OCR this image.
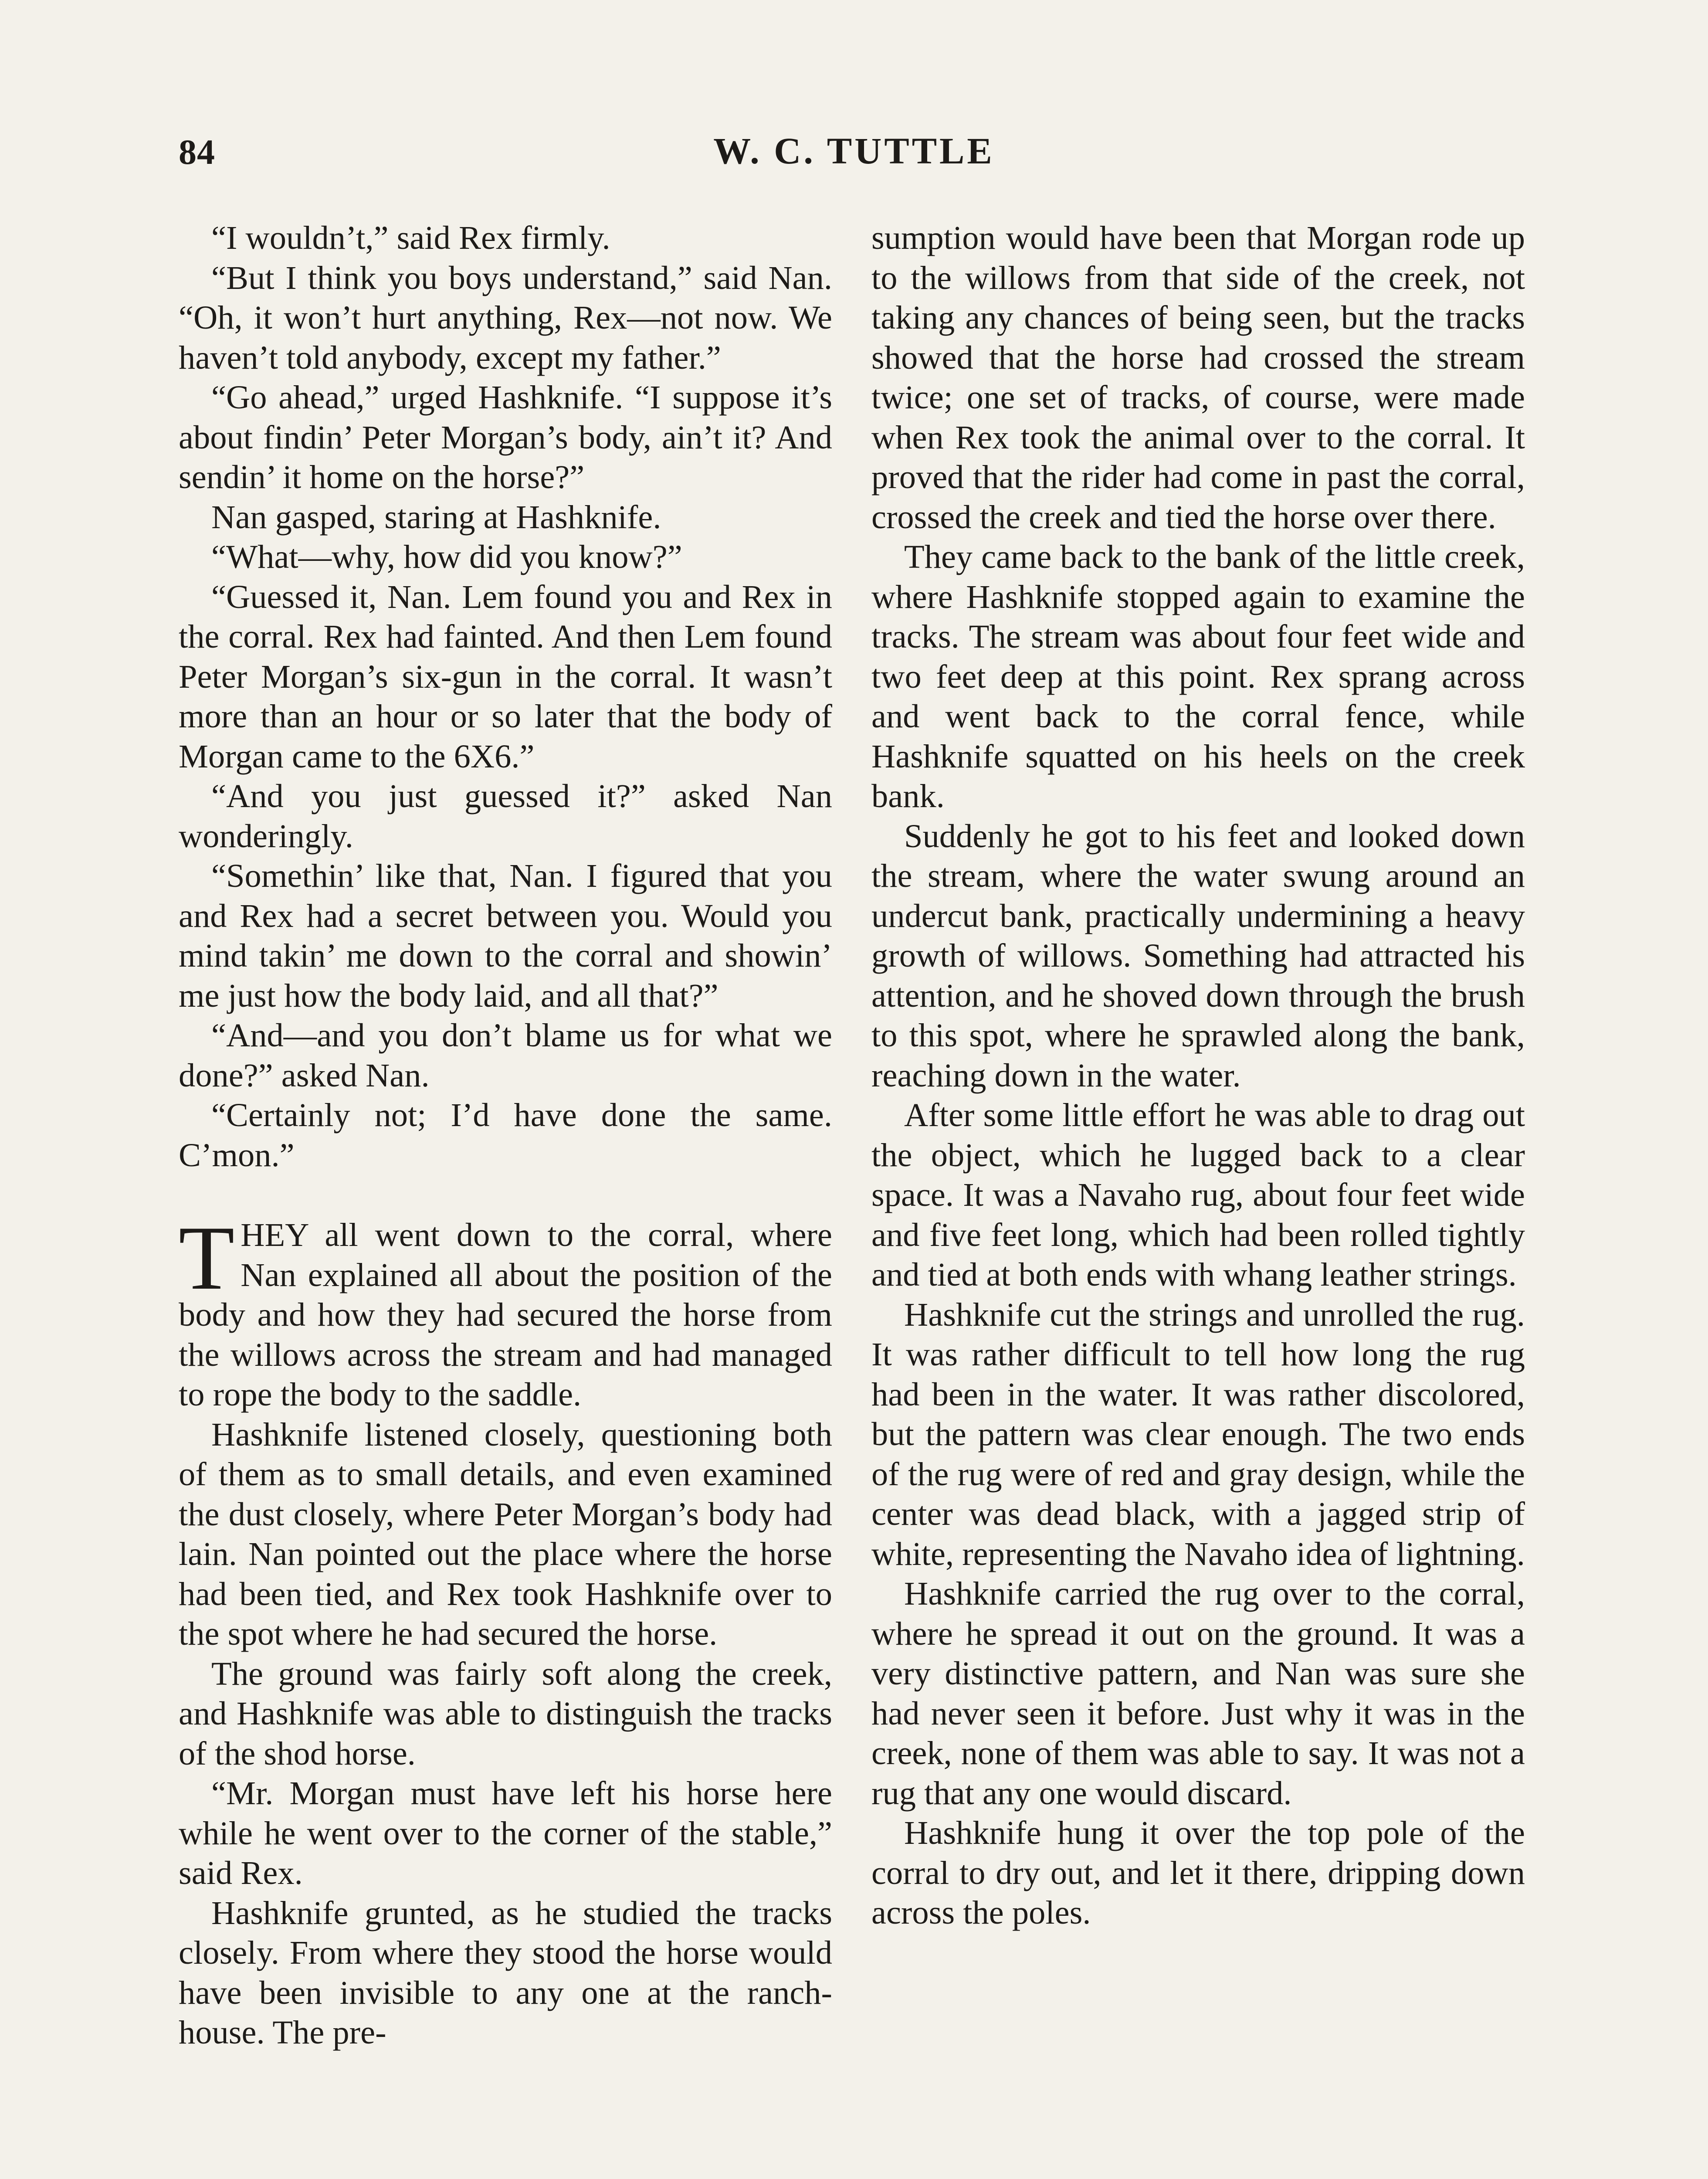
84	W. C. TUTTLE

“I wouldn’t,” said Rex firmly.

“But I think you boys understand,” said Nan. “Oh, it won’t hurt anything, Rex—not now. We haven’t told anybody, except my father.”

“Go ahead,” urged Hashknife. “I suppose it’s about findin’ Peter Morgan’s body, ain’t it? And sendin’ it home on the horse?”

Nan gasped, staring at Hashknife.

“What—why, how did you know?”

“Guessed it, Nan. Lem found you and Rex in the corral. Rex had fainted. And then Lem found Peter Morgan’s six-gun in the corral. It wasn’t more than an hour or so later that the body of Morgan came to the 6X6.”

“And you just guessed it?” asked Nan wonderingly.

“Somethin’ like that, Nan. I figured that you and Rex had a secret between you. Would you mind takin’ me down to the corral and showin’ me just how the body laid, and all that?”

“And—and you don’t blame us for what we done?” asked Nan.

“Certainly not; I’d have done the same. C’mon.”

THEY all went down to the corral, where Nan explained all about the position of the body and how they had secured the horse from the willows across the stream and had managed to rope the body to the saddle.

Hashknife listened closely, questioning both of them as to small details, and even examined the dust closely, where Peter Morgan’s body had lain. Nan pointed out the place where the horse had been tied, and Rex took Hashknife over to the spot where he had secured the horse.

The ground was fairly soft along the creek, and Hashknife was able to distinguish the tracks of the shod horse.

“Mr. Morgan must have left his horse here while he went over to the corner of the stable,” said Rex.

Hashknife grunted, as he studied the tracks closely. From where they stood the horse would have been invisible to any one at the ranch-house. The pre-

sumption would have been that Morgan rode up to the willows from that side of the creek, not taking any chances of being seen, but the tracks showed that the horse had crossed the stream twice; one set of tracks, of course, were made when Rex took the animal over to the corral. It proved that the rider had come in past the corral, crossed the creek and tied the horse over there.

They came back to the bank of the little creek, where Hashknife stopped again to examine the tracks. The stream was about four feet wide and two feet deep at this point. Rex sprang across and went back to the corral fence, while Hashknife squatted on his heels on the creek bank.

Suddenly he got to his feet and looked down the stream, where the water swung around an undercut bank, practically undermining a heavy growth of willows. Something had attracted his attention, and he shoved down through the brush to this spot, where he sprawled along the bank, reaching down in the water.

After some little effort he was able to drag out the object, which he lugged back to a clear space. It was a Navaho rug, about four feet wide and five feet long, which had been rolled tightly and tied at both ends with whang leather strings.

Hashknife cut the strings and unrolled the rug. It was rather difficult to tell how long the rug had been in the water. It was rather discolored, but the pattern was clear enough. The two ends of the rug were of red and gray design, while the center was dead black, with a jagged strip of white, representing the Navaho idea of lightning.

Hashknife carried the rug over to the corral, where he spread it out on the ground. It was a very distinctive pattern, and Nan was sure she had never seen it before. Just why it was in the creek, none of them was able to say. It was not a rug that any one would discard.

Hashknife hung it over the top pole of the corral to dry out, and let it there, dripping down across the poles.
